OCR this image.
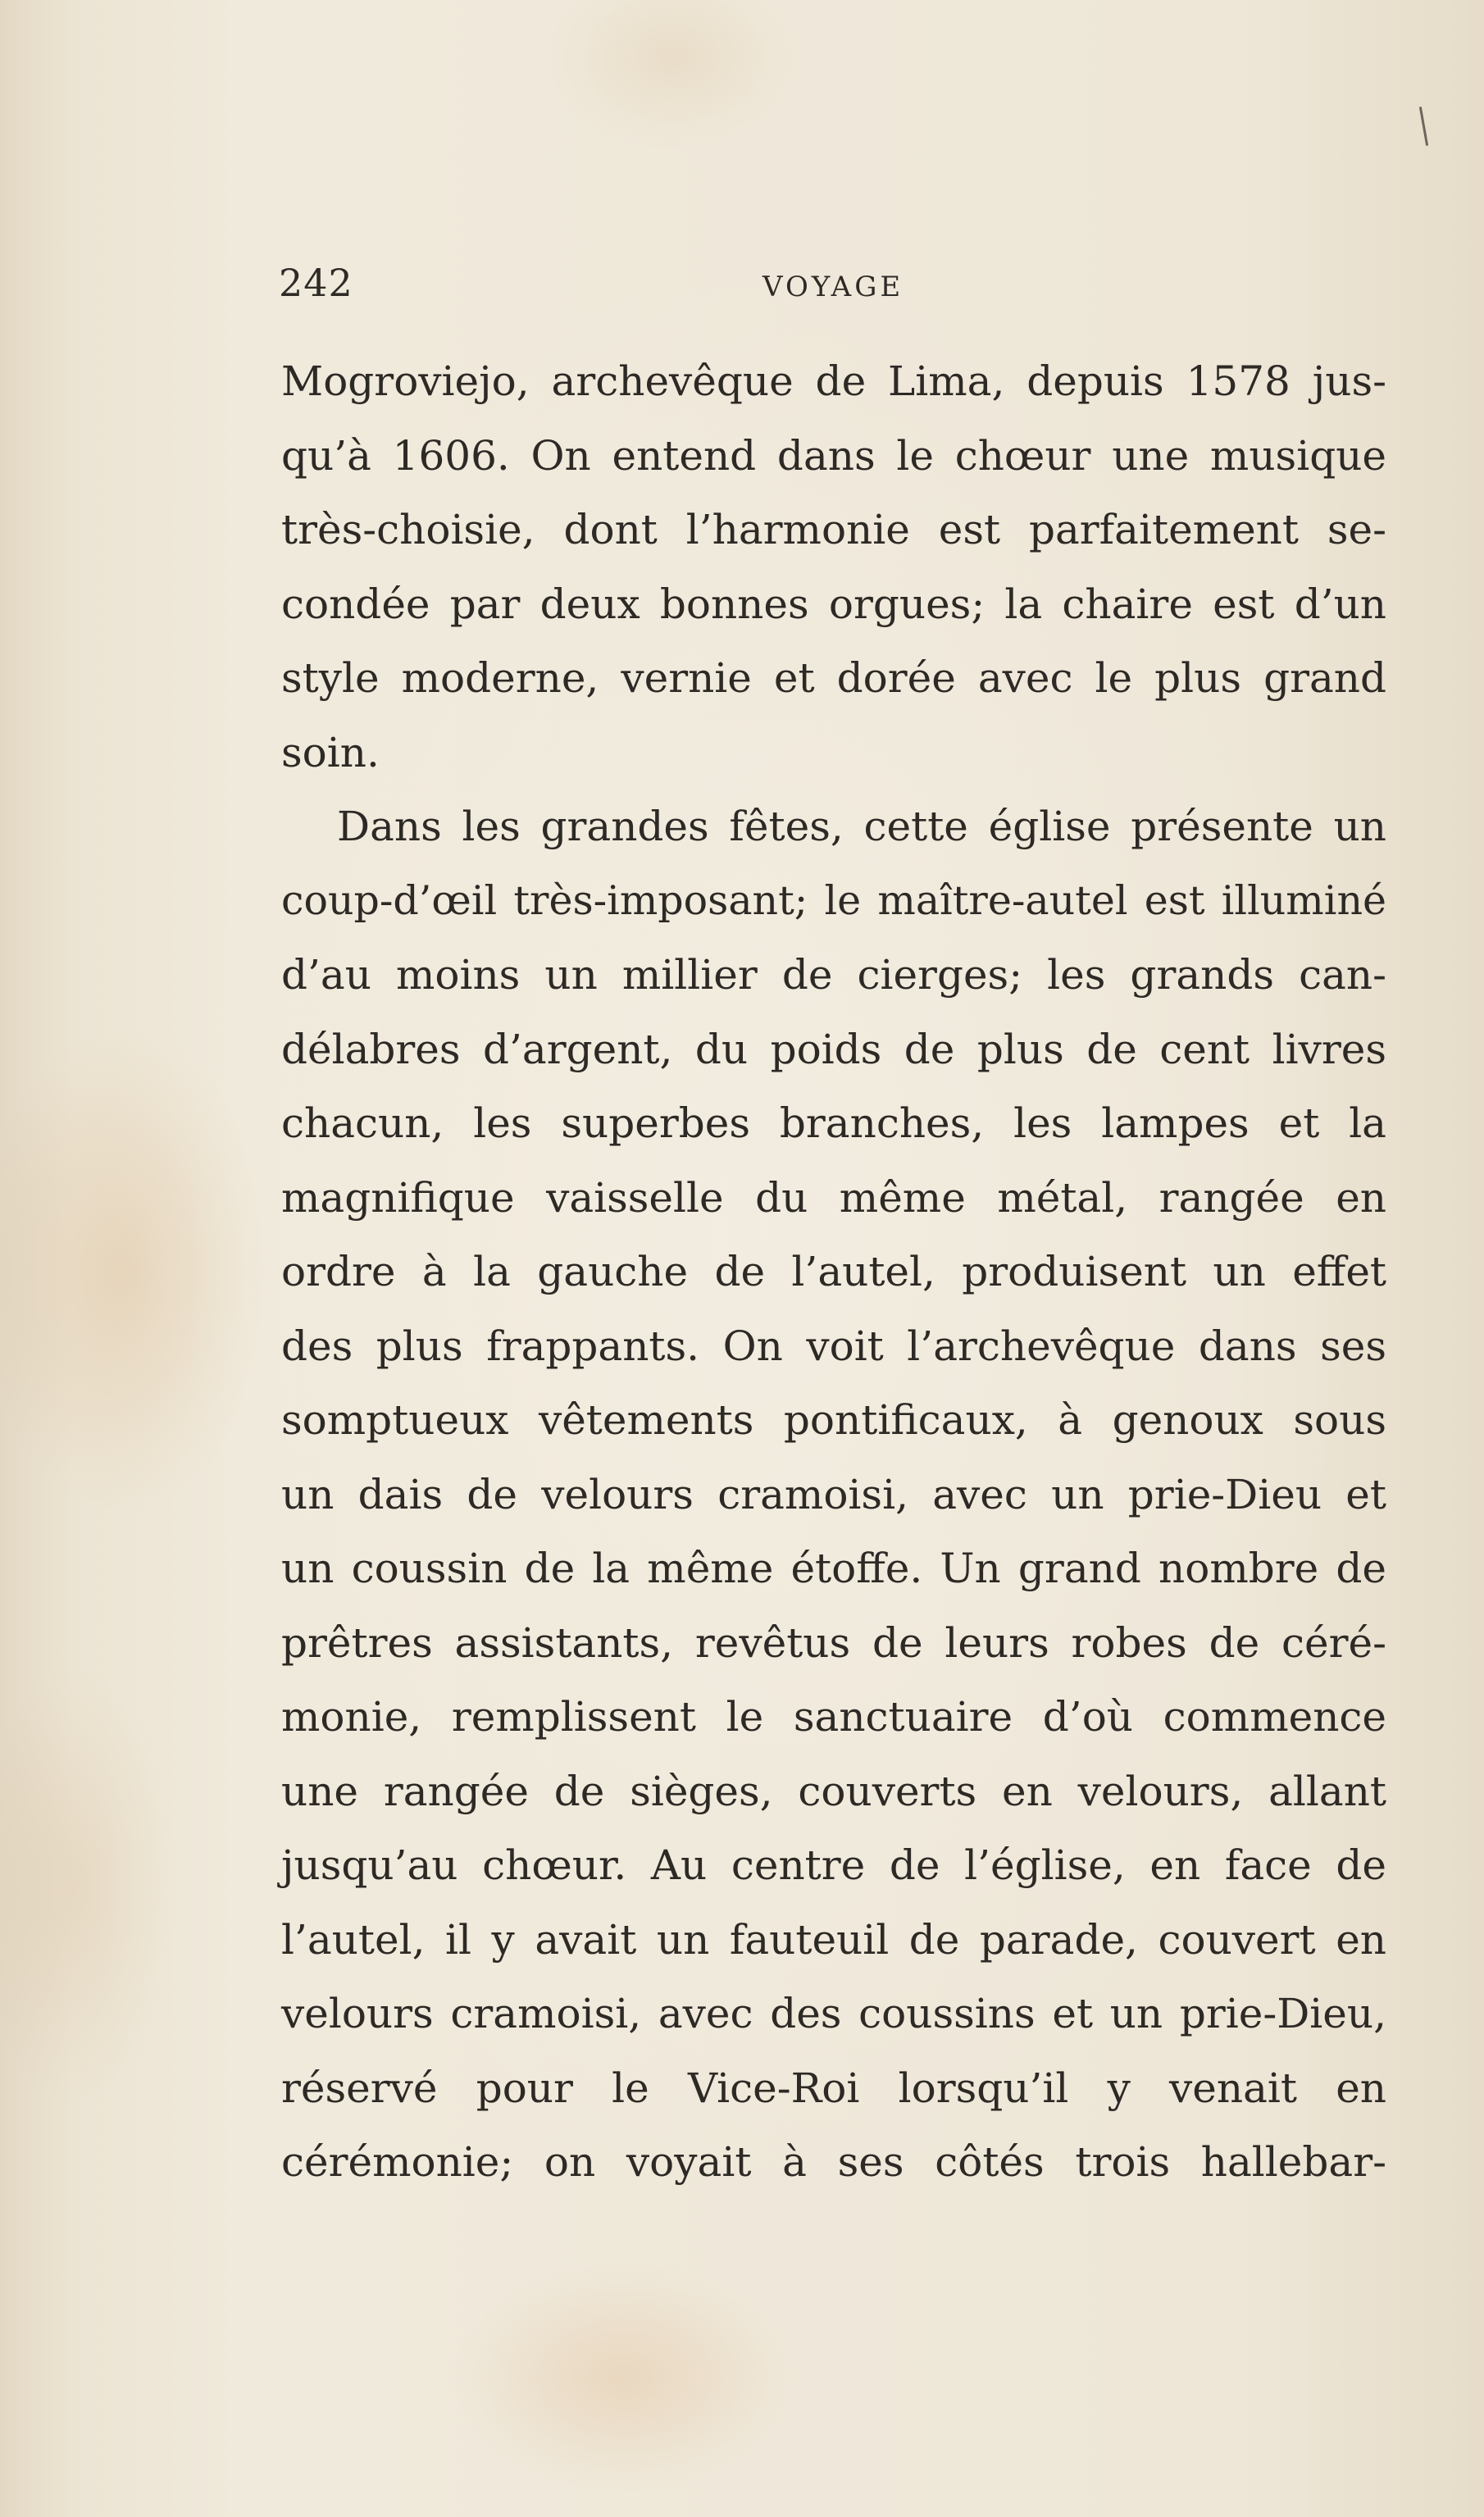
242	VOYAGE
Mogroviejo, archevêque de Lima, depuis 1578 jus-
qu’à 1606. On entend dans le chœur une musique
très-choisie, dont l’harmonie est parfaitement se-
condée par deux bonnes orgues; la chaire est d’un
style moderne, vernie et dorée avec le plus grand
soin.
Dans les grandes fêtes, cette église présente un
coup-d’œil très-imposant; le maître-autel est illuminé
d’au moins un millier de cierges; les grands can-
délabres d’argent, du poids de plus de cent livres
chacun, les superbes branches, les lampes et la
magnifique vaisselle du même métal, rangée en
ordre à la gauche de l’autel, produisent un effet
des plus frappants. On voit l’archevêque dans ses
somptueux vêtements pontificaux, à genoux sous
un dais de velours cramoisi, avec un prie-Dieu et
un coussin de la même étoffe. Un grand nombre de
prêtres assistants, revêtus de leurs robes de céré-
monie, remplissent le sanctuaire d’où commence
une rangée de sièges, couverts en velours, allant
jusqu’au chœur. Au centre de l’église, en face de
l’autel, il y avait un fauteuil de parade, couvert en
velours cramoisi, avec des coussins et un prie-Dieu,
réservé pour le Vice-Roi lorsqu’il y venait en
cérémonie; on voyait à ses côtés trois hallebar-
